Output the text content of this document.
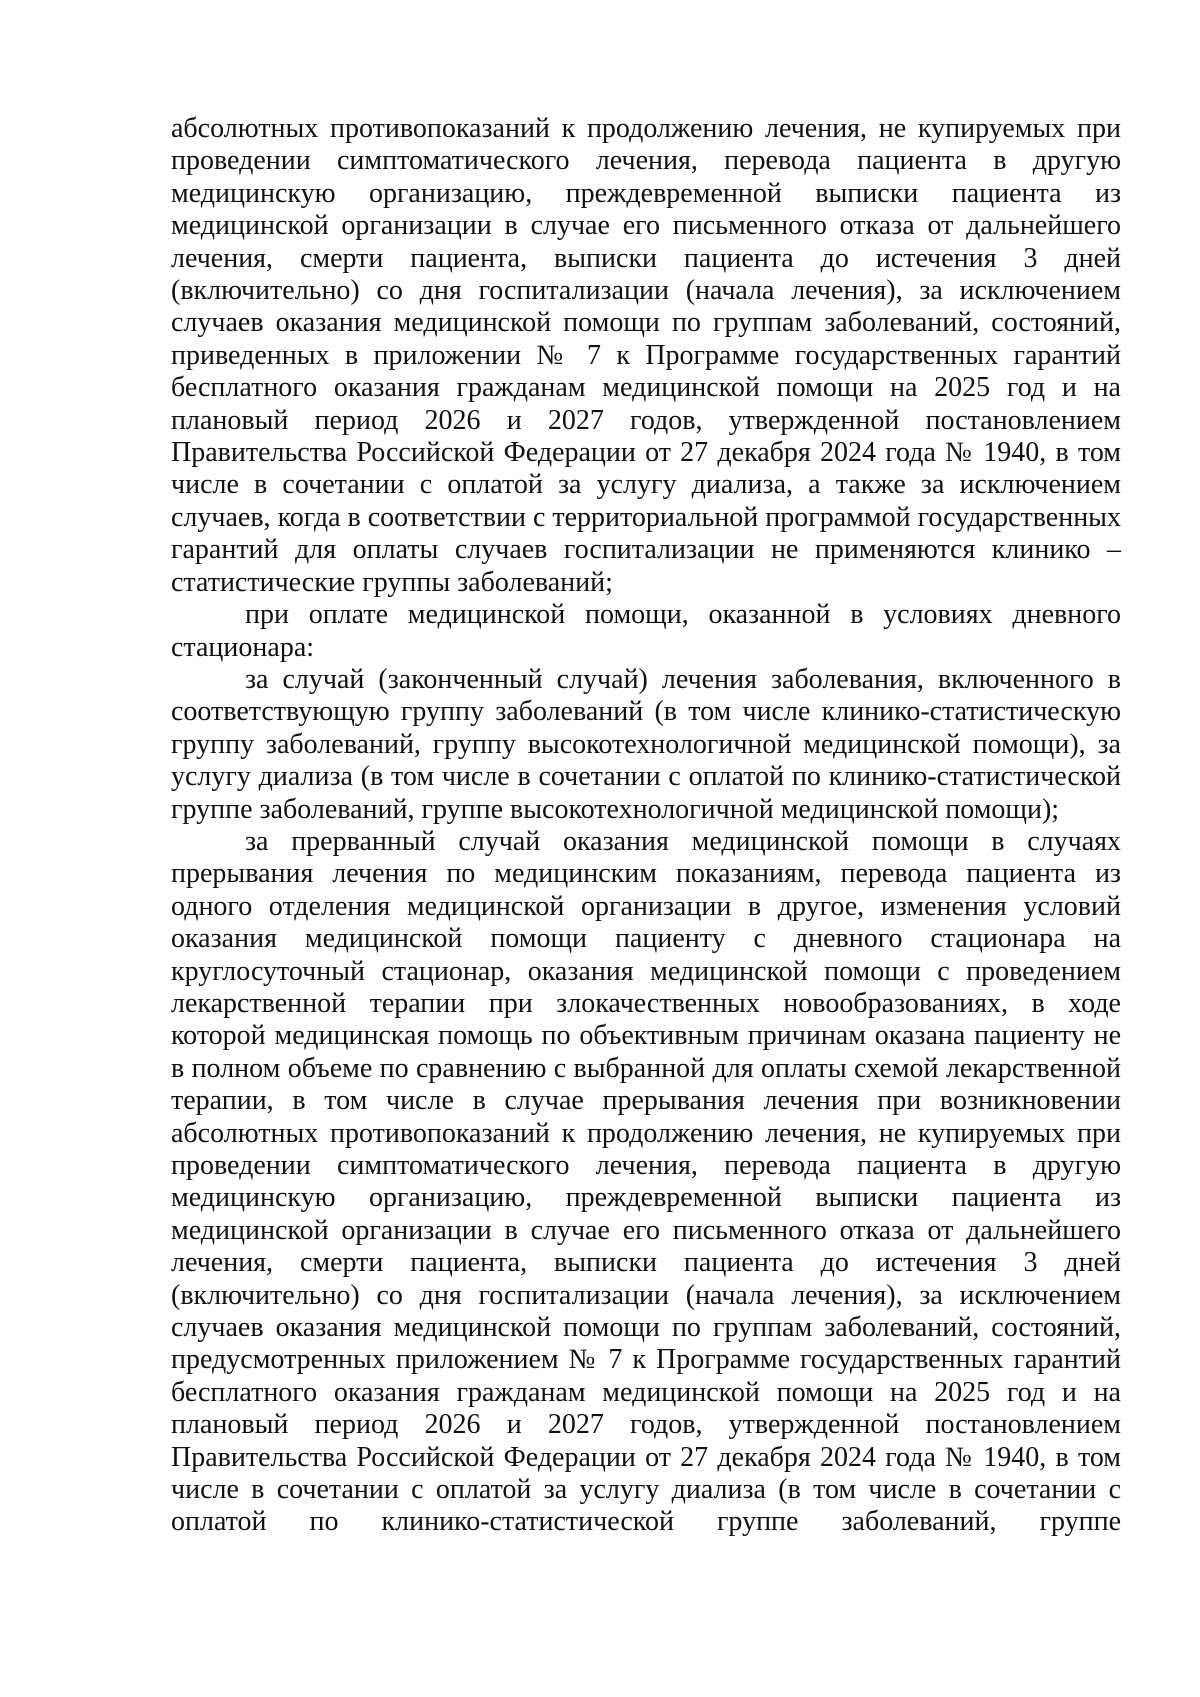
абсолютных противопоказаний к продолжению лечения, не купируемых при проведении симптоматического лечения, перевода пациента в другую медицинскую организацию, преждевременной выписки пациента из медицинской организации в случае его письменного отказа от дальнейшего лечения, смерти пациента, выписки пациента до истечения 3 дней (включительно) со дня госпитализации (начала лечения), за исключением случаев оказания медицинской помощи по группам заболеваний, состояний, приведенных в приложении № 7 к Программе государственных гарантий бесплатного оказания гражданам медицинской помощи на 2025 год и на плановый период 2026 и 2027 годов, утвержденной постановлением Правительства Российской Федерации от 27 декабря 2024 года № 1940, в том числе в сочетании с оплатой за услугу диализа, а также за исключением случаев, когда в соответствии с территориальной программой государственных гарантий для оплаты случаев госпитализации не применяются клинико – статистические группы заболеваний;

при оплате медицинской помощи, оказанной в условиях дневного стационара:

за случай (законченный случай) лечения заболевания, включенного в соответствующую группу заболеваний (в том числе клинико-статистическую группу заболеваний, группу высокотехнологичной медицинской помощи), за услугу диализа (в том числе в сочетании с оплатой по клинико-статистической группе заболеваний, группе высокотехнологичной медицинской помощи);

за прерванный случай оказания медицинской помощи в случаях прерывания лечения по медицинским показаниям, перевода пациента из одного отделения медицинской организации в другое, изменения условий оказания медицинской помощи пациенту с дневного стационара на круглосуточный стационар, оказания медицинской помощи с проведением лекарственной терапии при злокачественных новообразованиях, в ходе которой медицинская помощь по объективным причинам оказана пациенту не в полном объеме по сравнению с выбранной для оплаты схемой лекарственной терапии, в том числе в случае прерывания лечения при возникновении абсолютных противопоказаний к продолжению лечения, не купируемых при проведении симптоматического лечения, перевода пациента в другую медицинскую организацию, преждевременной выписки пациента из медицинской организации в случае его письменного отказа от дальнейшего лечения, смерти пациента, выписки пациента до истечения 3 дней (включительно) со дня госпитализации (начала лечения), за исключением случаев оказания медицинской помощи по группам заболеваний, состояний, предусмотренных приложением № 7 к Программе государственных гарантий бесплатного оказания гражданам медицинской помощи на 2025 год и на плановый период 2026 и 2027 годов, утвержденной постановлением Правительства Российской Федерации от 27 декабря 2024 года № 1940, в том числе в сочетании с оплатой за услугу диализа (в том числе в сочетании с оплатой по клинико-статистической группе заболеваний, группе
